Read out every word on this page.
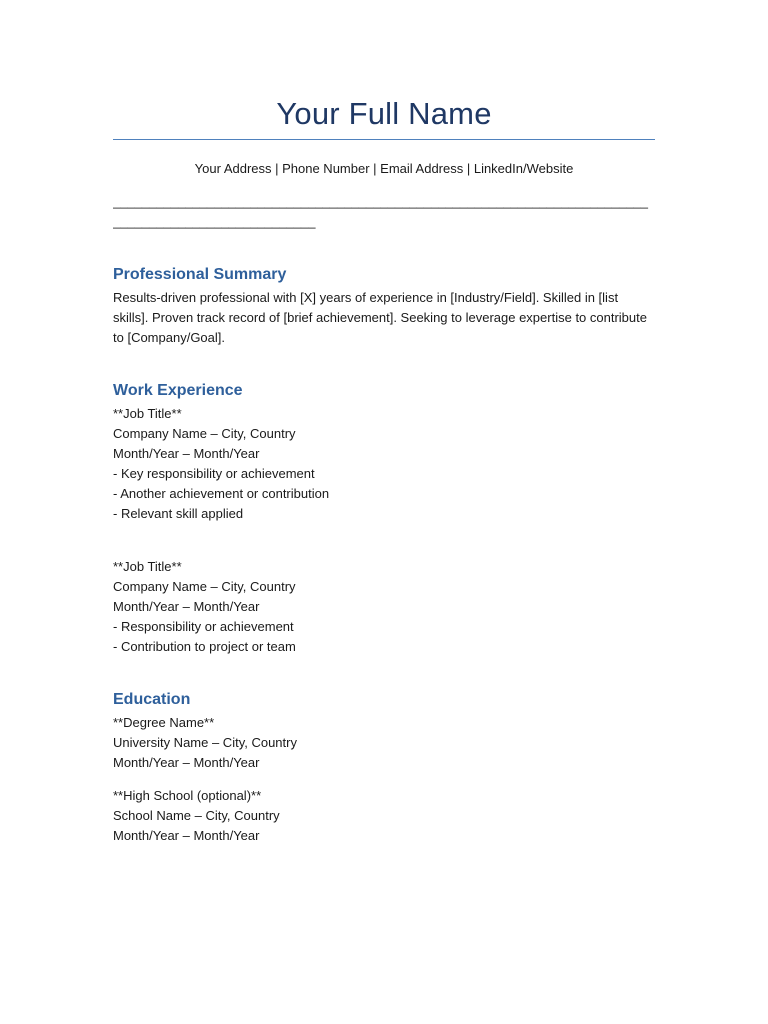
Your Full Name
Your Address | Phone Number | Email Address | LinkedIn/Website
______________________________________________________________________________________________________
Professional Summary
Results-driven professional with [X] years of experience in [Industry/Field]. Skilled in [list skills]. Proven track record of [brief achievement]. Seeking to leverage expertise to contribute to [Company/Goal].
Work Experience
**Job Title**
Company Name – City, Country
Month/Year – Month/Year
- Key responsibility or achievement
- Another achievement or contribution
- Relevant skill applied
**Job Title**
Company Name – City, Country
Month/Year – Month/Year
- Responsibility or achievement
- Contribution to project or team
Education
**Degree Name**
University Name – City, Country
Month/Year – Month/Year
**High School (optional)**
School Name – City, Country
Month/Year – Month/Year
